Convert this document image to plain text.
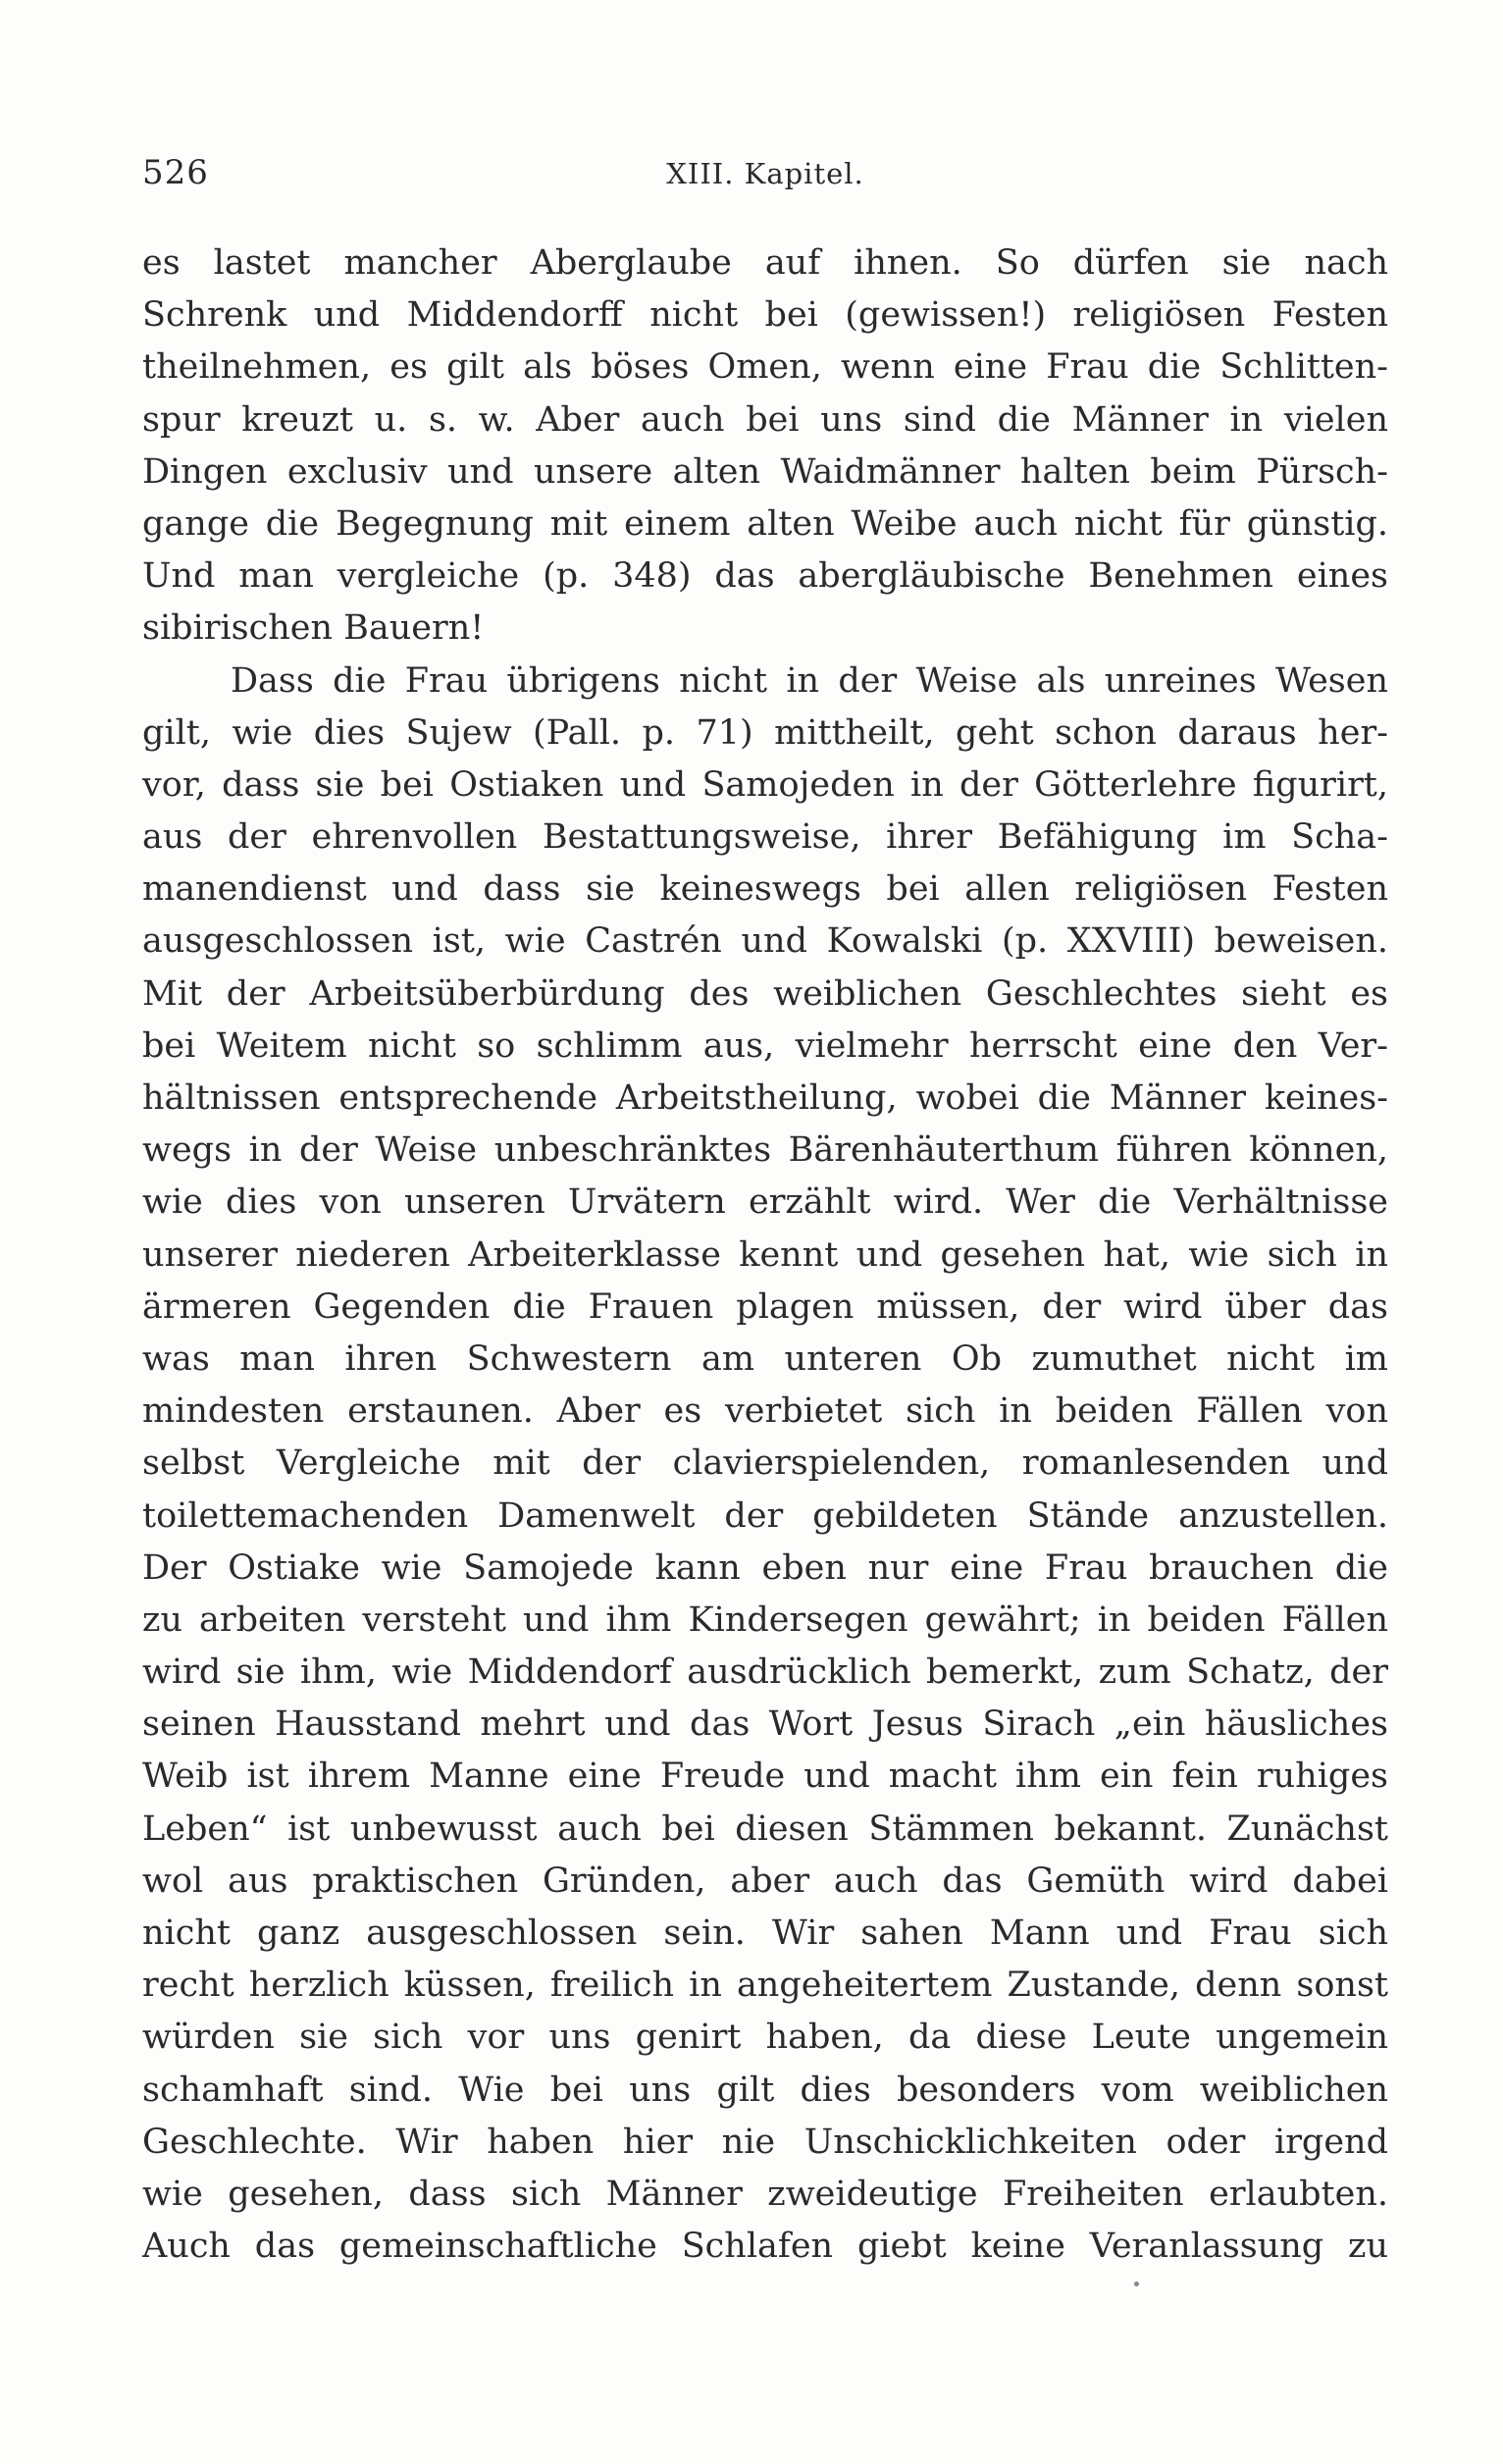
526	XIII. Kapitel.
es lastet mancher Aberglaube auf ihnen. So dürfen sie nach
Schrenk und Middendorff nicht bei (gewissen!) religiösen Festen
theilnehmen, es gilt als böses Omen, wenn eine Frau die Schlitten-
spur kreuzt u. s. w. Aber auch bei uns sind die Männer in vielen
Dingen exclusiv und unsere alten Waidmänner halten beim Pürsch-
gange die Begegnung mit einem alten Weibe auch nicht für günstig.
Und man vergleiche (p. 348) das abergläubische Benehmen eines
sibirischen Bauern!
Dass die Frau übrigens nicht in der Weise als unreines Wesen
gilt, wie dies Sujew (Pall. p. 71) mittheilt, geht schon daraus her-
vor, dass sie bei Ostiaken und Samojeden in der Götterlehre figurirt,
aus der ehrenvollen Bestattungsweise, ihrer Befähigung im Scha-
manendienst und dass sie keineswegs bei allen religiösen Festen
ausgeschlossen ist, wie Castrén und Kowalski (p. XXVIII) beweisen.
Mit der Arbeitsüberbürdung des weiblichen Geschlechtes sieht es
bei Weitem nicht so schlimm aus, vielmehr herrscht eine den Ver-
hältnissen entsprechende Arbeitstheilung, wobei die Männer keines-
wegs in der Weise unbeschränktes Bärenhäuterthum führen können,
wie dies von unseren Urvätern erzählt wird. Wer die Verhältnisse
unserer niederen Arbeiterklasse kennt und gesehen hat, wie sich in
ärmeren Gegenden die Frauen plagen müssen, der wird über das
was man ihren Schwestern am unteren Ob zumuthet nicht im
mindesten erstaunen. Aber es verbietet sich in beiden Fällen von
selbst Vergleiche mit der clavierspielenden, romanlesenden und
toilettemachenden Damenwelt der gebildeten Stände anzustellen.
Der Ostiake wie Samojede kann eben nur eine Frau brauchen die
zu arbeiten versteht und ihm Kindersegen gewährt; in beiden Fällen
wird sie ihm, wie Middendorf ausdrücklich bemerkt, zum Schatz, der
seinen Hausstand mehrt und das Wort Jesus Sirach „ein häusliches
Weib ist ihrem Manne eine Freude und macht ihm ein fein ruhiges
Leben“ ist unbewusst auch bei diesen Stämmen bekannt. Zunächst
wol aus praktischen Gründen, aber auch das Gemüth wird dabei
nicht ganz ausgeschlossen sein. Wir sahen Mann und Frau sich
recht herzlich küssen, freilich in angeheitertem Zustande, denn sonst
würden sie sich vor uns genirt haben, da diese Leute ungemein
schamhaft sind. Wie bei uns gilt dies besonders vom weiblichen
Geschlechte. Wir haben hier nie Unschicklichkeiten oder irgend
wie gesehen, dass sich Männer zweideutige Freiheiten erlaubten.
Auch das gemeinschaftliche Schlafen giebt keine Veranlassung zu
